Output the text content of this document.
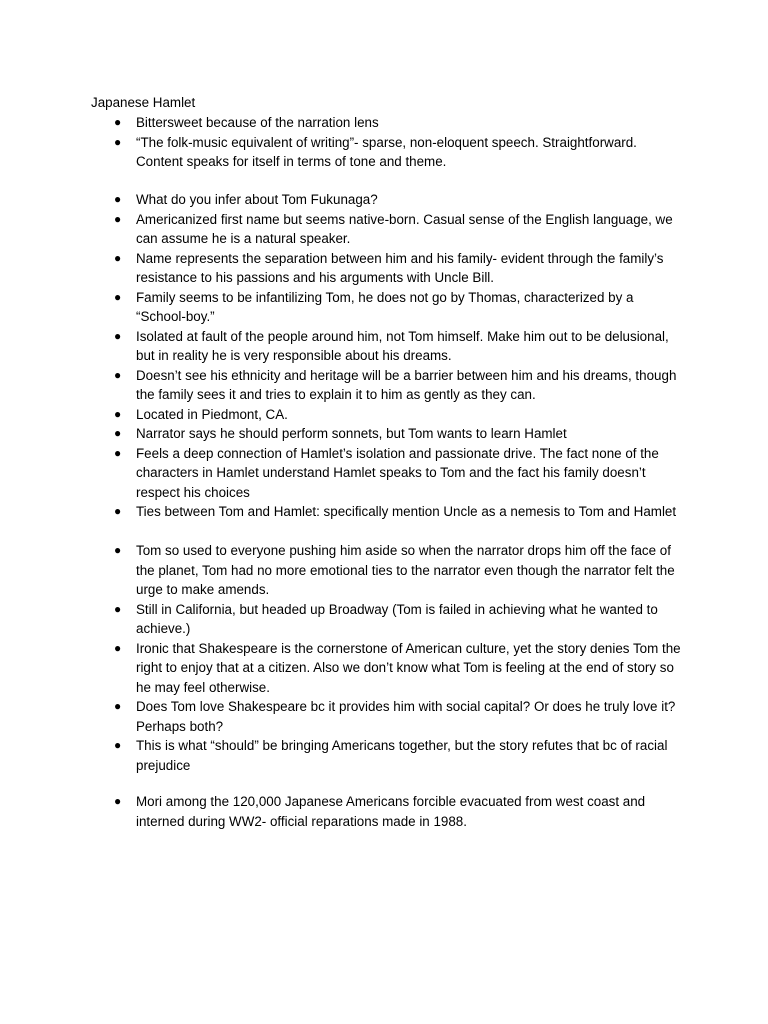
Japanese Hamlet
● Bittersweet because of the narration lens
● “The folk-music equivalent of writing”- sparse, non-eloquent speech. Straightforward. Content speaks for itself in terms of tone and theme.
● What do you infer about Tom Fukunaga?
● Americanized first name but seems native-born. Casual sense of the English language, we can assume he is a natural speaker.
● Name represents the separation between him and his family- evident through the family’s resistance to his passions and his arguments with Uncle Bill.
● Family seems to be infantilizing Tom, he does not go by Thomas, characterized by a “School-boy.”
● Isolated at fault of the people around him, not Tom himself. Make him out to be delusional, but in reality he is very responsible about his dreams.
● Doesn’t see his ethnicity and heritage will be a barrier between him and his dreams, though the family sees it and tries to explain it to him as gently as they can.
● Located in Piedmont, CA.
● Narrator says he should perform sonnets, but Tom wants to learn Hamlet
● Feels a deep connection of Hamlet’s isolation and passionate drive. The fact none of the characters in Hamlet understand Hamlet speaks to Tom and the fact his family doesn’t respect his choices
● Ties between Tom and Hamlet: specifically mention Uncle as a nemesis to Tom and Hamlet
● Tom so used to everyone pushing him aside so when the narrator drops him off the face of the planet, Tom had no more emotional ties to the narrator even though the narrator felt the urge to make amends.
● Still in California, but headed up Broadway (Tom is failed in achieving what he wanted to achieve.)
● Ironic that Shakespeare is the cornerstone of American culture, yet the story denies Tom the right to enjoy that at a citizen. Also we don’t know what Tom is feeling at the end of story so he may feel otherwise.
● Does Tom love Shakespeare bc it provides him with social capital? Or does he truly love it? Perhaps both?
● This is what “should” be bringing Americans together, but the story refutes that bc of racial prejudice
● Mori among the 120,000 Japanese Americans forcible evacuated from west coast and interned during WW2- official reparations made in 1988.
